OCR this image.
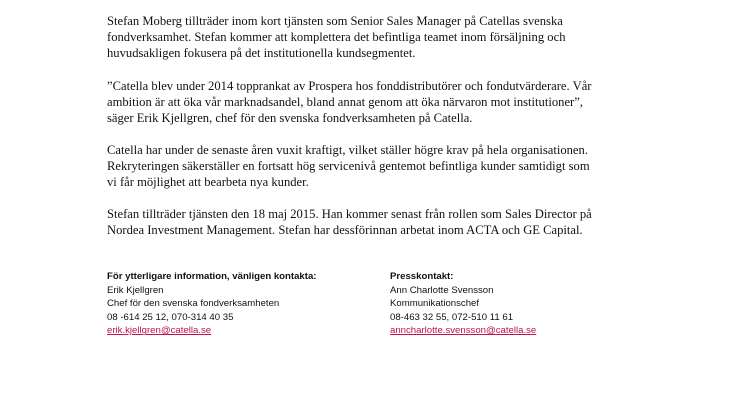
Stefan Moberg tillträder inom kort tjänsten som Senior Sales Manager på Catellas svenska
fondverksamhet. Stefan kommer att komplettera det befintliga teamet inom försäljning och
huvudsakligen fokusera på det institutionella kundsegmentet.

”Catella blev under 2014 topprankat av Prospera hos fonddistributörer och fondutvärderare. Vår
ambition är att öka vår marknadsandel, bland annat genom att öka närvaron mot institutioner”,
säger Erik Kjellgren, chef för den svenska fondverksamheten på Catella.

Catella har under de senaste åren vuxit kraftigt, vilket ställer högre krav på hela organisationen.
Rekryteringen säkerställer en fortsatt hög servicenivå gentemot befintliga kunder samtidigt som
vi får möjlighet att bearbeta nya kunder.

Stefan tillträder tjänsten den 18 maj 2015. Han kommer senast från rollen som Sales Director på
Nordea Investment Management. Stefan har dessförinnan arbetat inom ACTA och GE Capital.

För ytterligare information, vänligen kontakta:
Erik Kjellgren
Chef för den svenska fondverksamheten
08 -614 25 12, 070-314 40 35
erik.kjellgren@catella.se
Presskontakt:
Ann Charlotte Svensson
Kommunikationschef
08-463 32 55, 072-510 11 61
anncharlotte.svensson@catella.se
